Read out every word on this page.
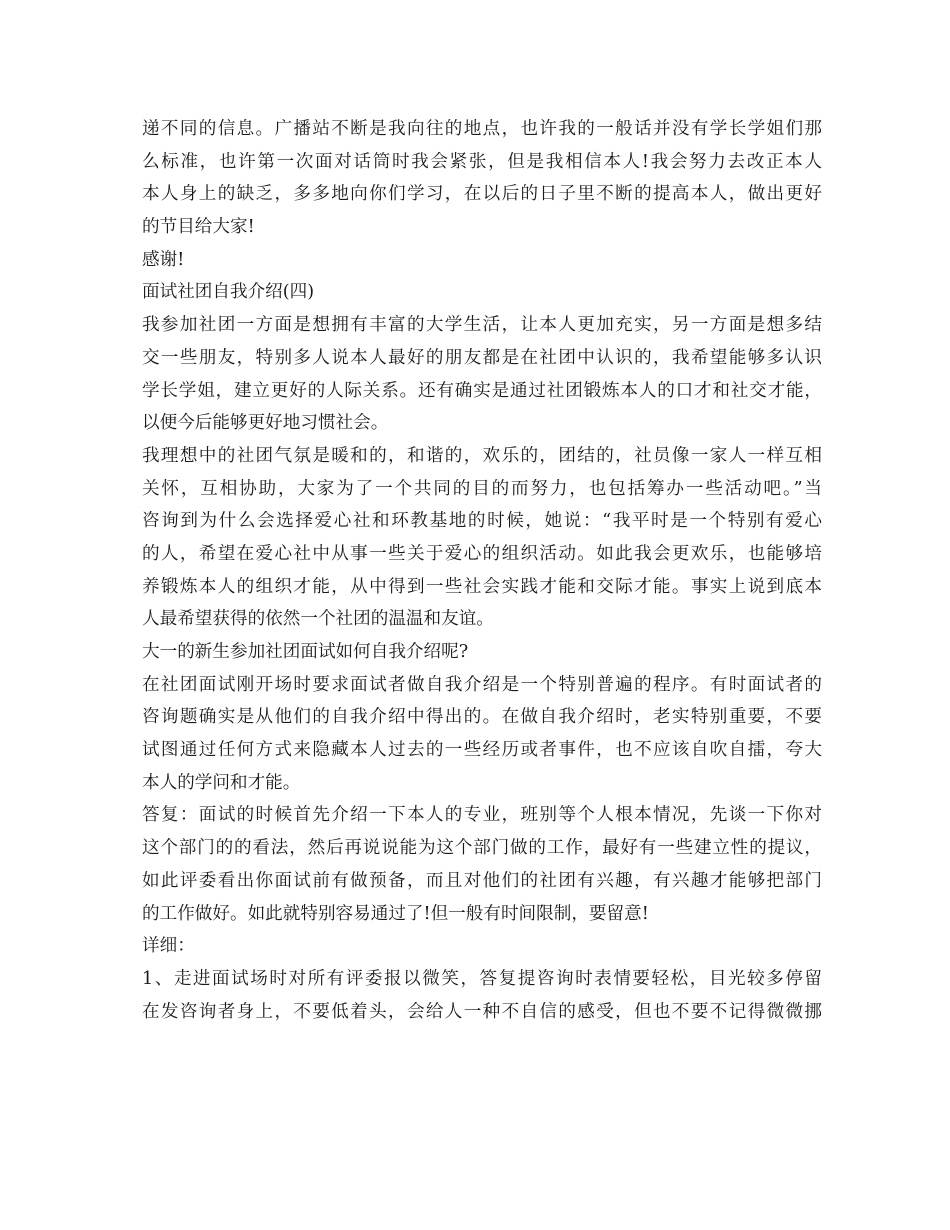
递不同的信息。广播站不断是我向往的地点，也许我的一般话并没有学长学姐们那
么标准，也许第一次面对话筒时我会紧张，但是我相信本人!我会努力去改正本人
本人身上的缺乏，多多地向你们学习，在以后的日子里不断的提高本人，做出更好
的节目给大家!
感谢!
面试社团自我介绍(四)
我参加社团一方面是想拥有丰富的大学生活，让本人更加充实，另一方面是想多结
交一些朋友，特别多人说本人最好的朋友都是在社团中认识的，我希望能够多认识
学长学姐，建立更好的人际关系。还有确实是通过社团锻炼本人的口才和社交才能，
以便今后能够更好地习惯社会。
我理想中的社团气氛是暖和的，和谐的，欢乐的，团结的，社员像一家人一样互相
关怀，互相协助，大家为了一个共同的目的而努力，也包括筹办一些活动吧。”当
咨询到为什么会选择爱心社和环教基地的时候，她说：“我平时是一个特别有爱心
的人，希望在爱心社中从事一些关于爱心的组织活动。如此我会更欢乐，也能够培
养锻炼本人的组织才能，从中得到一些社会实践才能和交际才能。事实上说到底本
人最希望获得的依然一个社团的温温和友谊。
大一的新生参加社团面试如何自我介绍呢?
在社团面试刚开场时要求面试者做自我介绍是一个特别普遍的程序。有时面试者的
咨询题确实是从他们的自我介绍中得出的。在做自我介绍时，老实特别重要，不要
试图通过任何方式来隐藏本人过去的一些经历或者事件，也不应该自吹自擂，夸大
本人的学问和才能。
答复：面试的时候首先介绍一下本人的专业，班别等个人根本情况，先谈一下你对
这个部门的的看法，然后再说说能为这个部门做的工作，最好有一些建立性的提议，
如此评委看出你面试前有做预备，而且对他们的社团有兴趣，有兴趣才能够把部门
的工作做好。如此就特别容易通过了!但一般有时间限制，要留意!
详细：
1、走进面试场时对所有评委报以微笑，答复提咨询时表情要轻松，目光较多停留
在发咨询者身上，不要低着头，会给人一种不自信的感受，但也不要不记得微微挪
